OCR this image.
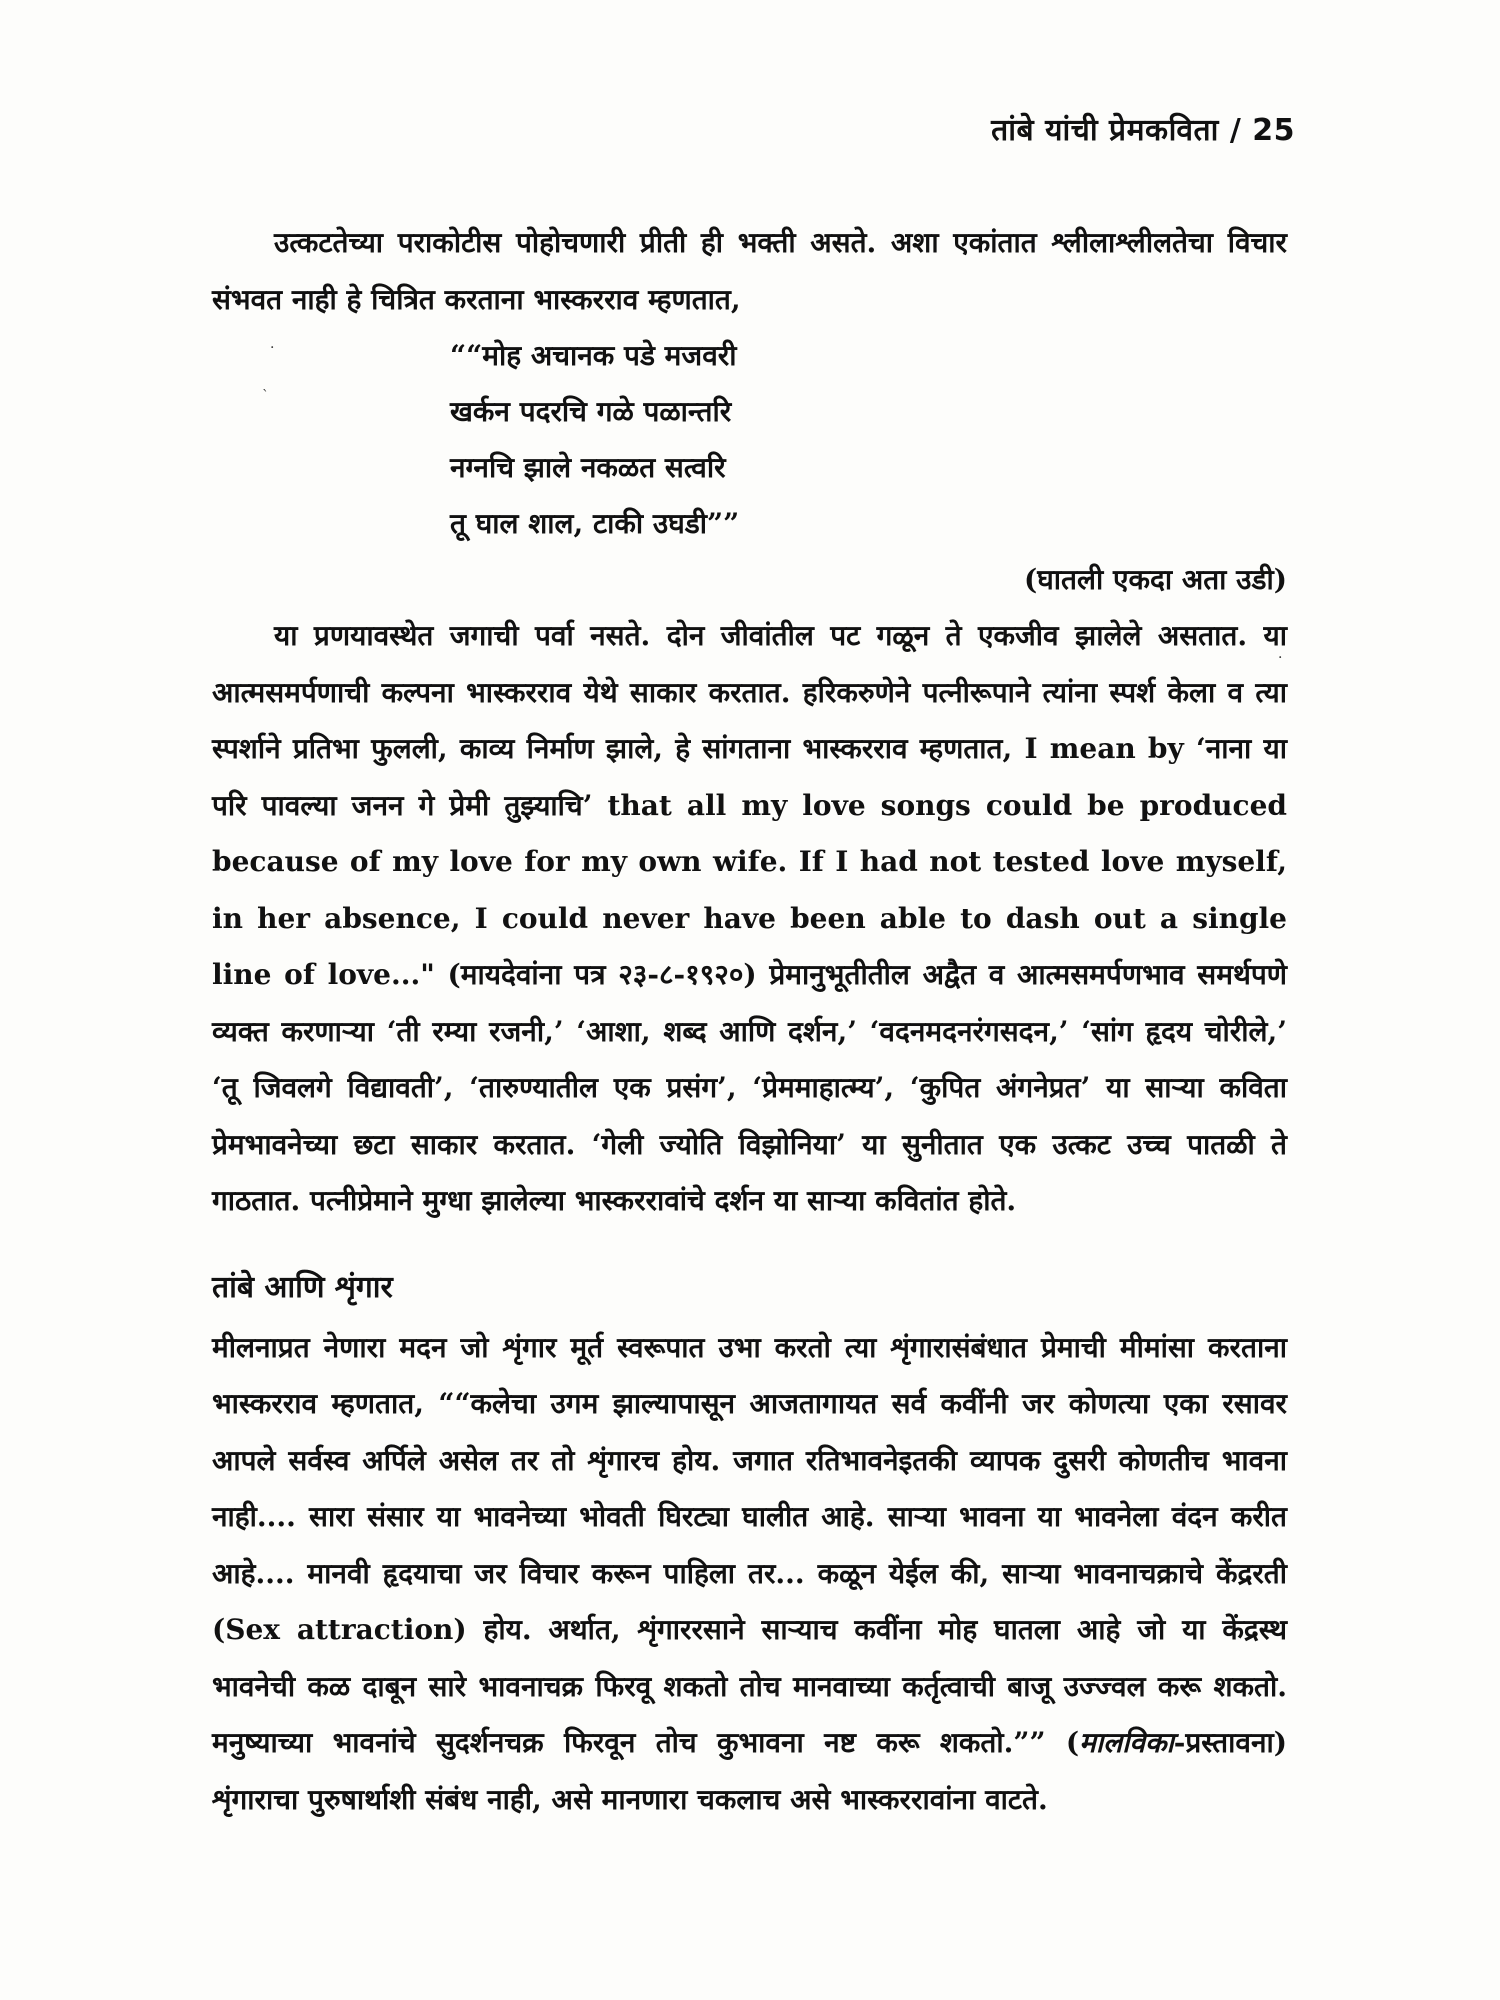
तांबे यांची प्रेमकविता / 25
·
`
·

उत्कटतेच्या पराकोटीस पोहोचणारी प्रीती ही भक्ती असते. अशा एकांतात श्लीलाश्लीलतेचा विचार संभवत नाही हे चित्रित करताना भास्करराव म्हणतात,

““मोह अचानक पडे मजवरी
खर्कन पदरचि गळे पळान्तरि
नग्नचि झाले नकळत सत्वरि
तू घाल शाल, टाकी उघडी””

(घातली एकदा अता उडी)

या प्रणयावस्थेत जगाची पर्वा नसते. दोन जीवांतील पट गळून ते एकजीव झालेले असतात. या आत्मसमर्पणाची कल्पना भास्करराव येथे साकार करतात. हरिकरुणेने पत्नीरूपाने त्यांना स्पर्श केला व त्या स्पर्शाने प्रतिभा फुलली, काव्य निर्माण झाले, हे सांगताना भास्करराव म्हणतात, I mean by ‘नाना या परि पावल्या जनन गे प्रेमी तुझ्याचि’ that all my love songs could be produced because of my love for my own wife. If I had not tested love myself, in her absence, I could never have been able to dash out a single line of love..." (मायदेवांना पत्र २३-८-१९२०) प्रेमानुभूतीतील अद्वैत व आत्मसमर्पणभाव समर्थपणे व्यक्त करणाऱ्या ‘ती रम्या रजनी,’ ‘आशा, शब्द आणि दर्शन,’ ‘वदनमदनरंगसदन,’ ‘सांग हृदय चोरीले,’ ‘तू जिवलगे विद्यावती’, ‘तारुण्यातील एक प्रसंग’, ‘प्रेममाहात्म्य’, ‘कुपित अंगनेप्रत’ या साऱ्या कविता प्रेमभावनेच्या छटा साकार करतात. ‘गेली ज्योति विझोनिया’ या सुनीतात एक उत्कट उच्च पातळी ते गाठतात. पत्नीप्रेमाने मुग्धा झालेल्या भास्कररावांचे दर्शन या साऱ्या कवितांत होते.

तांबे आणि शृंगार

मीलनाप्रत नेणारा मदन जो शृंगार मूर्त स्वरूपात उभा करतो त्या शृंगारासंबंधात प्रेमाची मीमांसा करताना भास्करराव म्हणतात, ““कलेचा उगम झाल्यापासून आजतागायत सर्व कवींनी जर कोणत्या एका रसावर आपले सर्वस्व अर्पिले असेल तर तो शृंगारच होय. जगात रतिभावनेइतकी व्यापक दुसरी कोणतीच भावना नाही.... सारा संसार या भावनेच्या भोवती घिरट्या घालीत आहे. साऱ्या भावना या भावनेला वंदन करीत आहे.... मानवी हृदयाचा जर विचार करून पाहिला तर... कळून येईल की, साऱ्या भावनाचक्राचे केंद्ररती (Sex attraction) होय. अर्थात, शृंगाररसाने साऱ्याच कवींना मोह घातला आहे जो या केंद्रस्थ भावनेची कळ दाबून सारे भावनाचक्र फिरवू शकतो तोच मानवाच्या कर्तृत्वाची बाजू उज्ज्वल करू शकतो. मनुष्याच्या भावनांचे सुदर्शनचक्र फिरवून तोच कुभावना नष्ट करू शकतो.”” (मालविका-प्रस्तावना) शृंगाराचा पुरुषार्थाशी संबंध नाही, असे मानणारा चकलाच असे भास्कररावांना वाटते.
